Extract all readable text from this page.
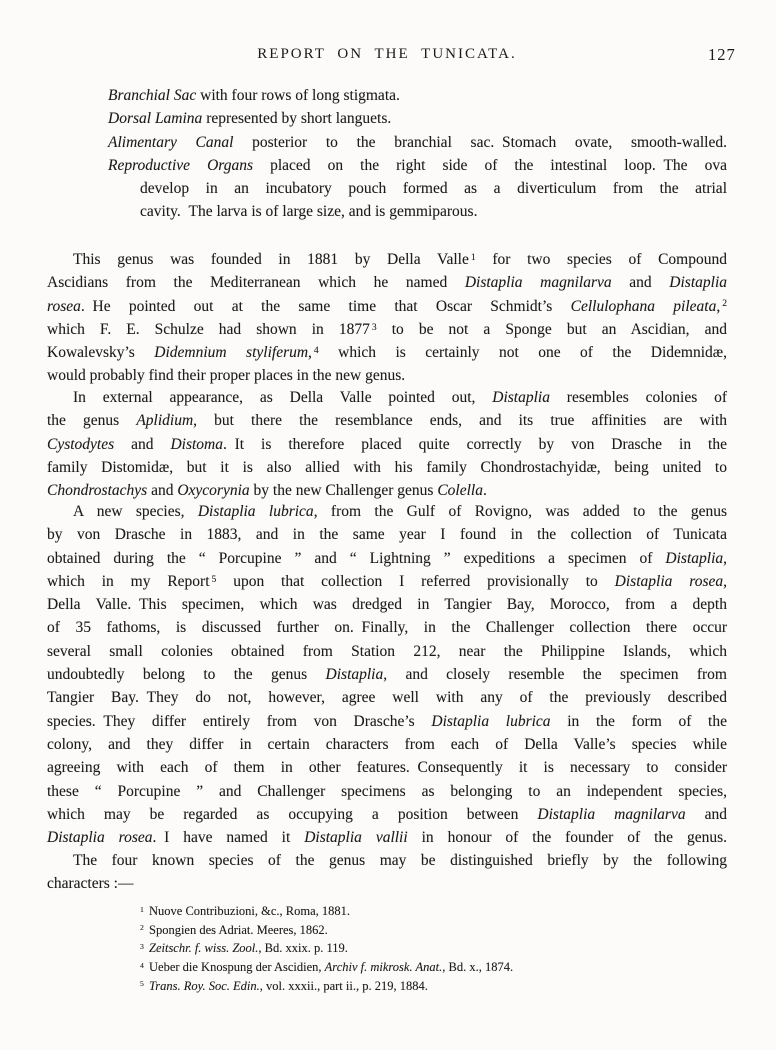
REPORT ON THE TUNICATA.	127
Branchial Sac with four rows of long stigmata.
Dorsal Lamina represented by short languets.
Alimentary Canal posterior to the branchial sac. Stomach ovate, smooth-walled.
Reproductive Organs placed on the right side of the intestinal loop. The ova
develop in an incubatory pouch formed as a diverticulum from the atrial
cavity. The larva is of large size, and is gemmiparous.
This genus was founded in 1881 by Della Valle $^1$ for two species of Compound
Ascidians from the Mediterranean which he named Distaplia magnilarva and Distaplia
rosea. He pointed out at the same time that Oscar Schmidt’s Cellulophana pileata, $^2$
which F. E. Schulze had shown in 1877 $^3$ to be not a Sponge but an Ascidian, and
Kowalevsky’s Didemnium styliferum, $^4$ which is certainly not one of the Didemnidæ,
would probably find their proper places in the new genus.
In external appearance, as Della Valle pointed out, Distaplia resembles colonies of
the genus Aplidium, but there the resemblance ends, and its true affinities are with
Cystodytes and Distoma. It is therefore placed quite correctly by von Drasche in the
family Distomidæ, but it is also allied with his family Chondrostachyidæ, being united to
Chondrostachys and Oxycorynia by the new Challenger genus Colella.
A new species, Distaplia lubrica, from the Gulf of Rovigno, was added to the genus
by von Drasche in 1883, and in the same year I found in the collection of Tunicata
obtained during the “ Porcupine ” and “ Lightning ” expeditions a specimen of Distaplia,
which in my Report $^5$ upon that collection I referred provisionally to Distaplia rosea,
Della Valle. This specimen, which was dredged in Tangier Bay, Morocco, from a depth
of 35 fathoms, is discussed further on. Finally, in the Challenger collection there occur
several small colonies obtained from Station 212, near the Philippine Islands, which
undoubtedly belong to the genus Distaplia, and closely resemble the specimen from
Tangier Bay. They do not, however, agree well with any of the previously described
species. They differ entirely from von Drasche’s Distaplia lubrica in the form of the
colony, and they differ in certain characters from each of Della Valle’s species while
agreeing with each of them in other features. Consequently it is necessary to consider
these “ Porcupine ” and Challenger specimens as belonging to an independent species,
which may be regarded as occupying a position between Distaplia magnilarva and
Distaplia rosea. I have named it Distaplia vallii in honour of the founder of the genus.
The four known species of the genus may be distinguished briefly by the following
characters :—
$^1$ Nuove Contribuzioni, &c., Roma, 1881.
$^2$ Spongien des Adriat. Meeres, 1862.
$^3$ Zeitschr. f. wiss. Zool., Bd. xxix. p. 119.
$^4$ Ueber die Knospung der Ascidien, Archiv f. mikrosk. Anat., Bd. x., 1874.
$^5$ Trans. Roy. Soc. Edin., vol. xxxii., part ii., p. 219, 1884.
